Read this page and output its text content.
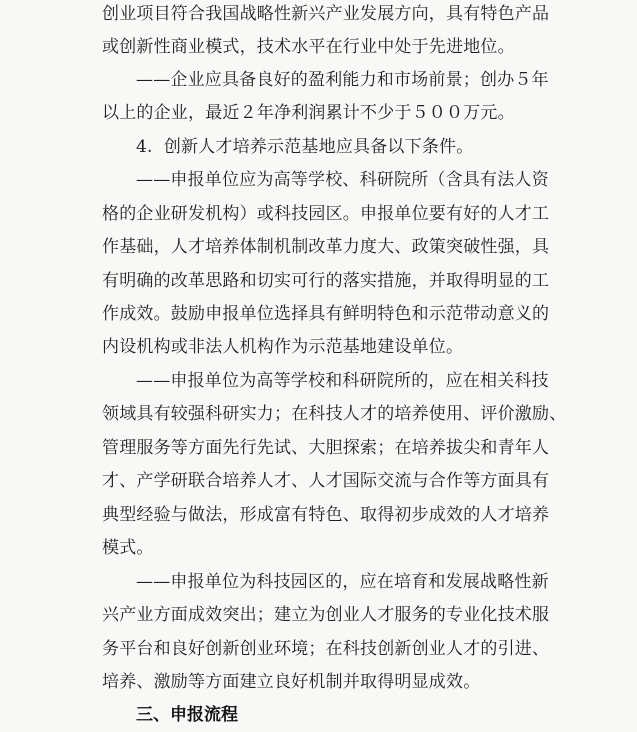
创业项目符合我国战略性新兴产业发展方向，具有特色产品
或创新性商业模式，技术水平在行业中处于先进地位。
——企业应具备良好的盈利能力和市场前景；创办５年
以上的企业，最近２年净利润累计不少于５００万元。
4.  创新人才培养示范基地应具备以下条件。
——申报单位应为高等学校、科研院所（含具有法人资
格的企业研发机构）或科技园区。申报单位要有好的人才工
作基础，人才培养体制机制改革力度大、政策突破性强，具
有明确的改革思路和切实可行的落实措施，并取得明显的工
作成效。鼓励申报单位选择具有鲜明特色和示范带动意义的
内设机构或非法人机构作为示范基地建设单位。
——申报单位为高等学校和科研院所的，应在相关科技
领域具有较强科研实力；在科技人才的培养使用、评价激励、
管理服务等方面先行先试、大胆探索；在培养拔尖和青年人
才、产学研联合培养人才、人才国际交流与合作等方面具有
典型经验与做法，形成富有特色、取得初步成效的人才培养
模式。
——申报单位为科技园区的，应在培育和发展战略性新
兴产业方面成效突出；建立为创业人才服务的专业化技术服
务平台和良好创新创业环境；在科技创新创业人才的引进、
培养、激励等方面建立良好机制并取得明显成效。
三、申报流程
